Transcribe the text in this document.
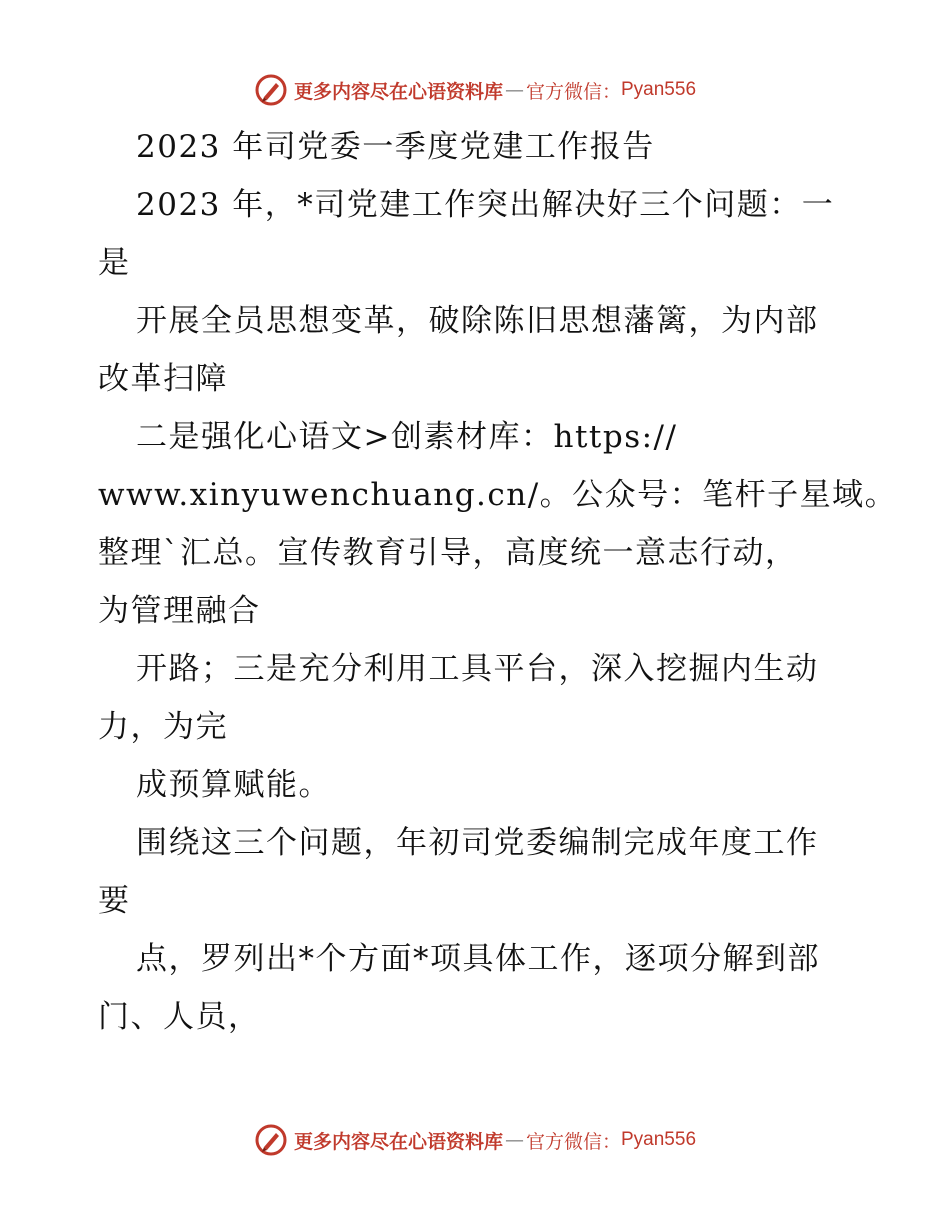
更多内容尽在心语资料库 — 官方微信： Pyan556
2023 年司党委一季度党建工作报告
2023 年，*司党建工作突出解决好三个问题：一
是
开展全员思想变革，破除陈旧思想藩篱，为内部
改革扫障
二是强化心语文>创素材库：https://
www.xinyuwenchuang.cn/。公众号：笔杆子星域。
整理`汇总。宣传教育引导，高度统一意志行动，
为管理融合
开路；三是充分利用工具平台，深入挖掘内生动
力，为完
成预算赋能。
围绕这三个问题，年初司党委编制完成年度工作
要
点，罗列出*个方面*项具体工作，逐项分解到部
门、人员，
更多内容尽在心语资料库 — 官方微信： Pyan556
